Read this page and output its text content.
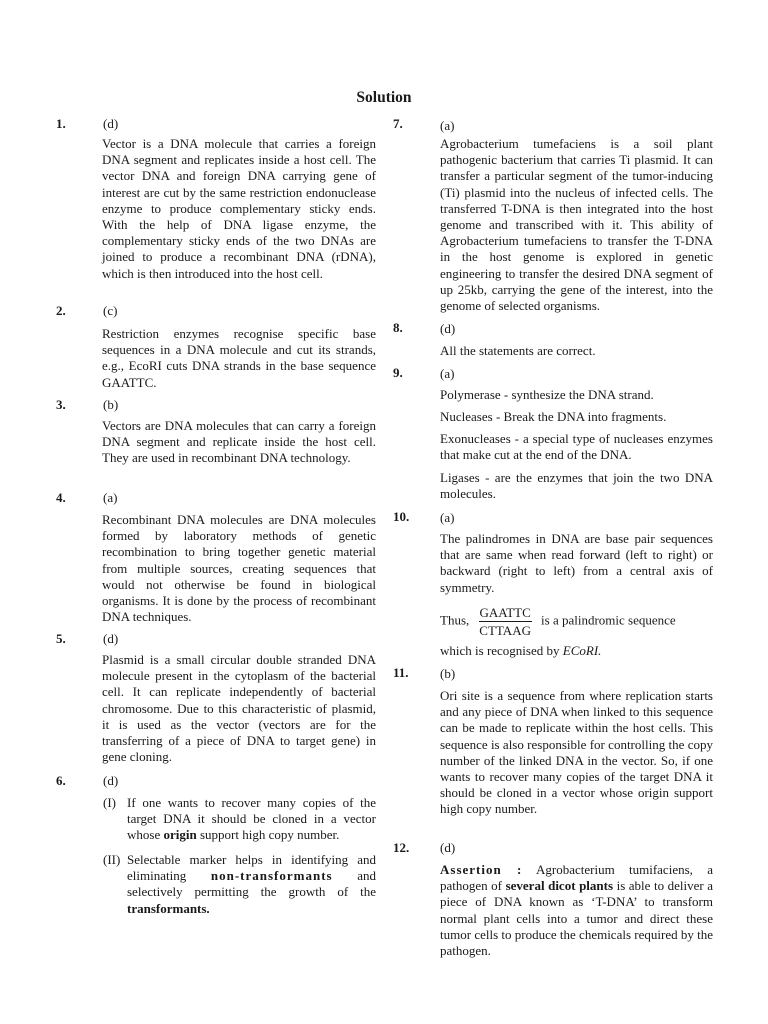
Solution
1.	(d)

Vector is a DNA molecule that carries a foreign DNA segment and replicates inside a host cell. The vector DNA and foreign DNA carrying gene of interest are cut by the same restriction endonuclease enzyme to produce complementary sticky ends. With the help of DNA ligase enzyme, the complementary sticky ends of the two DNAs are joined to produce a recombinant DNA (rDNA), which is then introduced into the host cell.

2.	(c)

Restriction enzymes recognise specific base sequences in a DNA molecule and cut its strands, e.g., EcoRI cuts DNA strands in the base sequence GAATTC.

3.	(b)

Vectors are DNA molecules that can carry a foreign DNA segment and replicate inside the host cell. They are used in recombinant DNA technology.

4.	(a)

Recombinant DNA molecules are DNA molecules formed by laboratory methods of genetic recombination to bring together genetic material from multiple sources, creating sequences that would not otherwise be found in biological organisms. It is done by the process of recombinant DNA techniques.

5.	(d)

Plasmid is a small circular double stranded DNA molecule present in the cytoplasm of the bacterial cell. It can replicate independently of bacterial chromosome. Due to this characteristic of plasmid, it is used as the vector (vectors are for the transferring of a piece of DNA to target gene) in gene cloning.

6.	(d)
(I) If one wants to recover many copies of the target DNA it should be cloned in a vector whose origin support high copy number.
(II) Selectable marker helps in identifying and eliminating non-transformants and selectively permitting the growth of the transformants.
7.	(a)

Agrobacterium tumefaciens is a soil plant pathogenic bacterium that carries Ti plasmid. It can transfer a particular segment of the tumor-inducing (Ti) plasmid into the nucleus of infected cells. The transferred T-DNA is then integrated into the host genome and transcribed with it. This ability of Agrobacterium tumefaciens to transfer the T-DNA in the host genome is explored in genetic engineering to transfer the desired DNA segment of up 25kb, carrying the gene of the interest, into the genome of selected organisms.

8.	(d)

All the statements are correct.

9.	(a)

Polymerase - synthesize the DNA strand.

Nucleases - Break the DNA into fragments.

Exonucleases - a special type of nucleases enzymes that make cut at the end of the DNA.

Ligases - are the enzymes that join the two DNA molecules.

10. (a)

The palindromes in DNA are base pair sequences that are same when read forward (left to right) or backward (right to left) from a central axis of symmetry.

Thus, $\frac{\text{GAATTC}}{\text{CTTAAG}}$ is a palindromic sequence
which is recognised by ECoRI.
11. (b)

Ori site is a sequence from where replication starts and any piece of DNA when linked to this sequence can be made to replicate within the host cells. This sequence is also responsible for controlling the copy number of the linked DNA in the vector. So, if one wants to recover many copies of the target DNA it should be cloned in a vector whose origin support high copy number.

12. (d)
Assertion : Agrobacterium tumifaciens, a pathogen of several dicot plants is able to deliver a piece of DNA known as ‘T-DNA’ to transform normal plant cells into a tumor and direct these tumor cells to produce the chemicals required by the pathogen.
